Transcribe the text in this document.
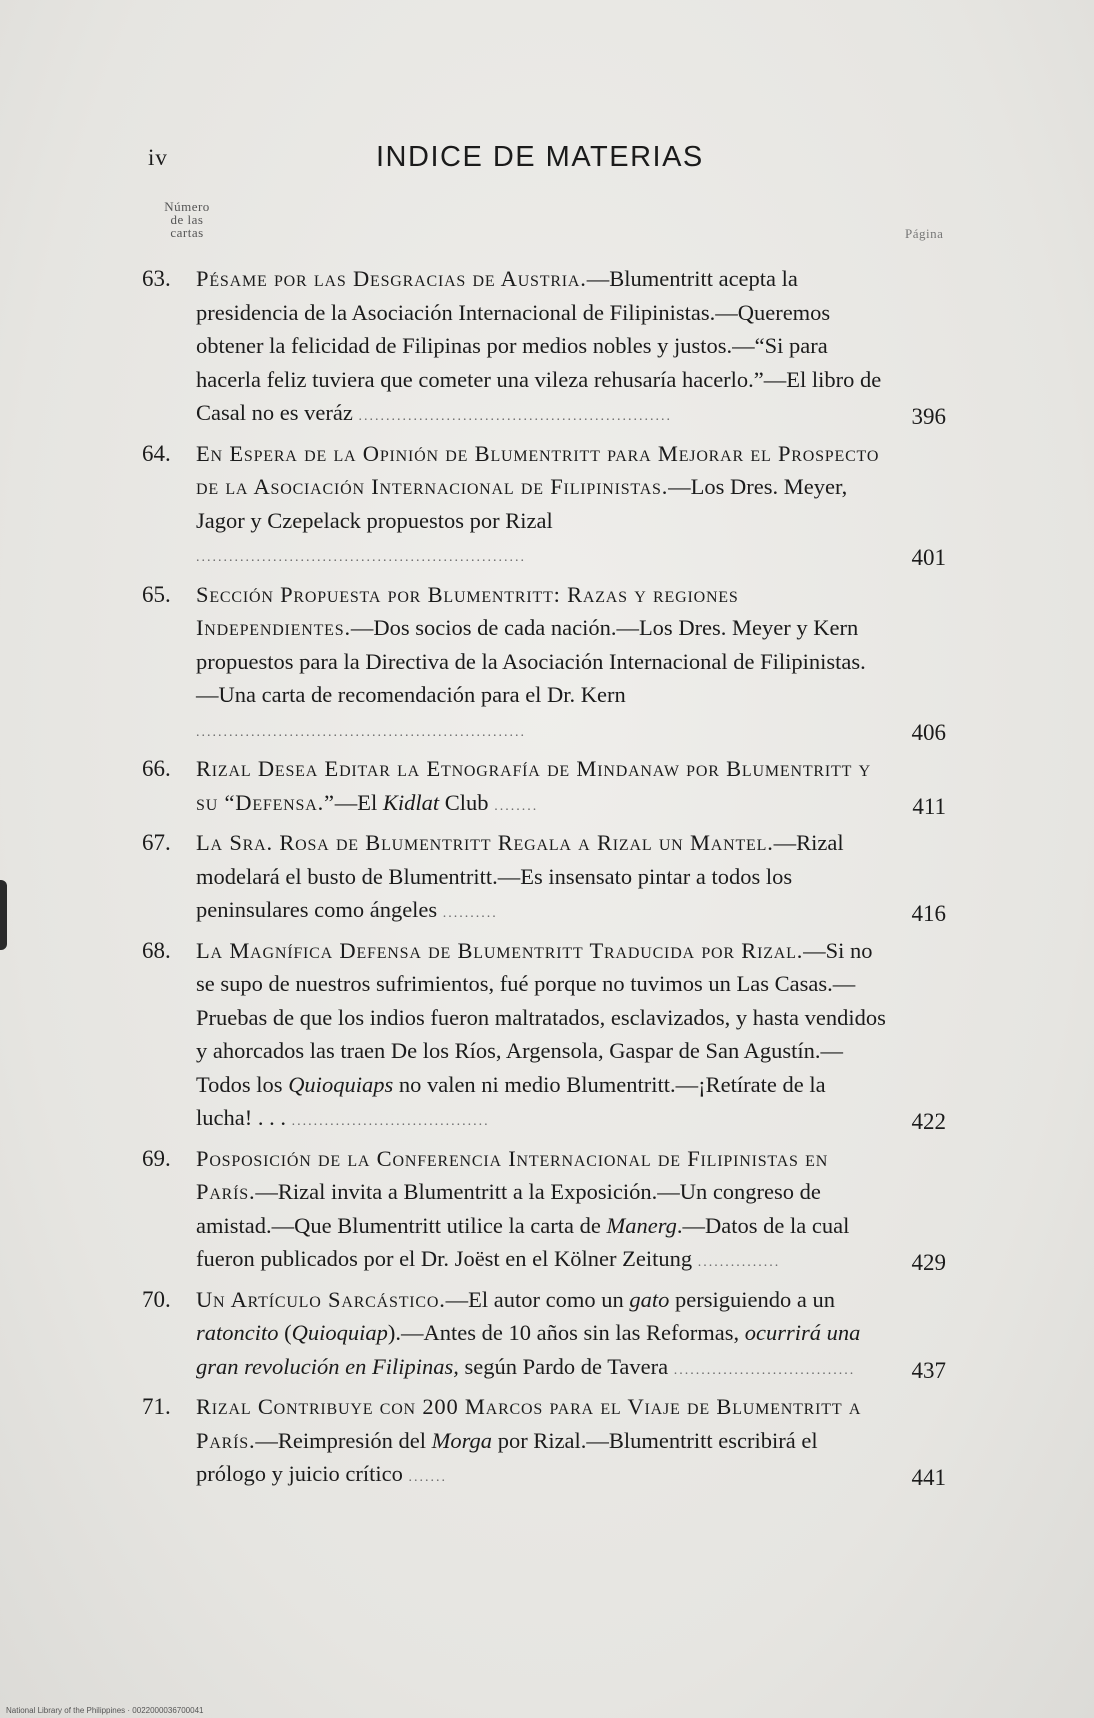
iv	INDICE DE MATERIAS
Número
de las
cartas	Página
63.	Pésame por las Desgracias de Austria.—Blumentritt acepta la presidencia de la Asociación Internacional de Filipinistas.—Queremos obtener la felicidad de Filipinas por medios nobles y justos.—“Si para hacerla feliz tuviera que cometer una vileza rehusaría hacerlo.”—El libro de Casal no es veráz .........................................................	396
64.	En Espera de la Opinión de Blumentritt para Mejorar el Prospecto de la Asociación Internacional de Filipinistas.—Los Dres. Meyer, Jagor y Czepelack propuestos por Rizal ............................................................	401
65.	Sección Propuesta por Blumentritt: Razas y regiones Independientes.—Dos socios de cada nación.—Los Dres. Meyer y Kern propuestos para la Directiva de la Asociación Internacional de Filipinistas.—Una carta de recomendación para el Dr. Kern ............................................................	406
66.	Rizal Desea Editar la Etnografía de Mindanaw por Blumentritt y su “Defensa.”—El Kidlat Club ........	411
67.	La Sra. Rosa de Blumentritt Regala a Rizal un Mantel.—Rizal modelará el busto de Blumentritt.—Es insensato pintar a todos los peninsulares como ángeles ..........	416
68.	La Magnífica Defensa de Blumentritt Traducida por Rizal.—Si no se supo de nuestros sufrimientos, fué porque no tuvimos un Las Casas.—Pruebas de que los indios fueron maltratados, esclavizados, y hasta vendidos y ahorcados las traen De los Ríos, Argensola, Gaspar de San Agustín.—Todos los Quioquiaps no valen ni medio Blumentritt.—¡Retírate de la lucha! . . . ....................................	422
69.	Posposición de la Conferencia Internacional de Filipinistas en París.—Rizal invita a Blumentritt a la Exposición.—Un congreso de amistad.—Que Blumentritt utilice la carta de Manerg.—Datos de la cual fueron publicados por el Dr. Joëst en el Kölner Zeitung ...............	429
70.	Un Artículo Sarcástico.—El autor como un gato persiguiendo a un ratoncito (Quioquiap).—Antes de 10 años sin las Reformas, ocurrirá una gran revolución en Filipinas, según Pardo de Tavera .................................	437
71.	Rizal Contribuye con 200 Marcos para el Viaje de Blumentritt a París.—Reimpresión del Morga por Rizal.—Blumentritt escribirá el prólogo y juicio crítico .......	441
National Library of the Philippines · 0022000036700041
